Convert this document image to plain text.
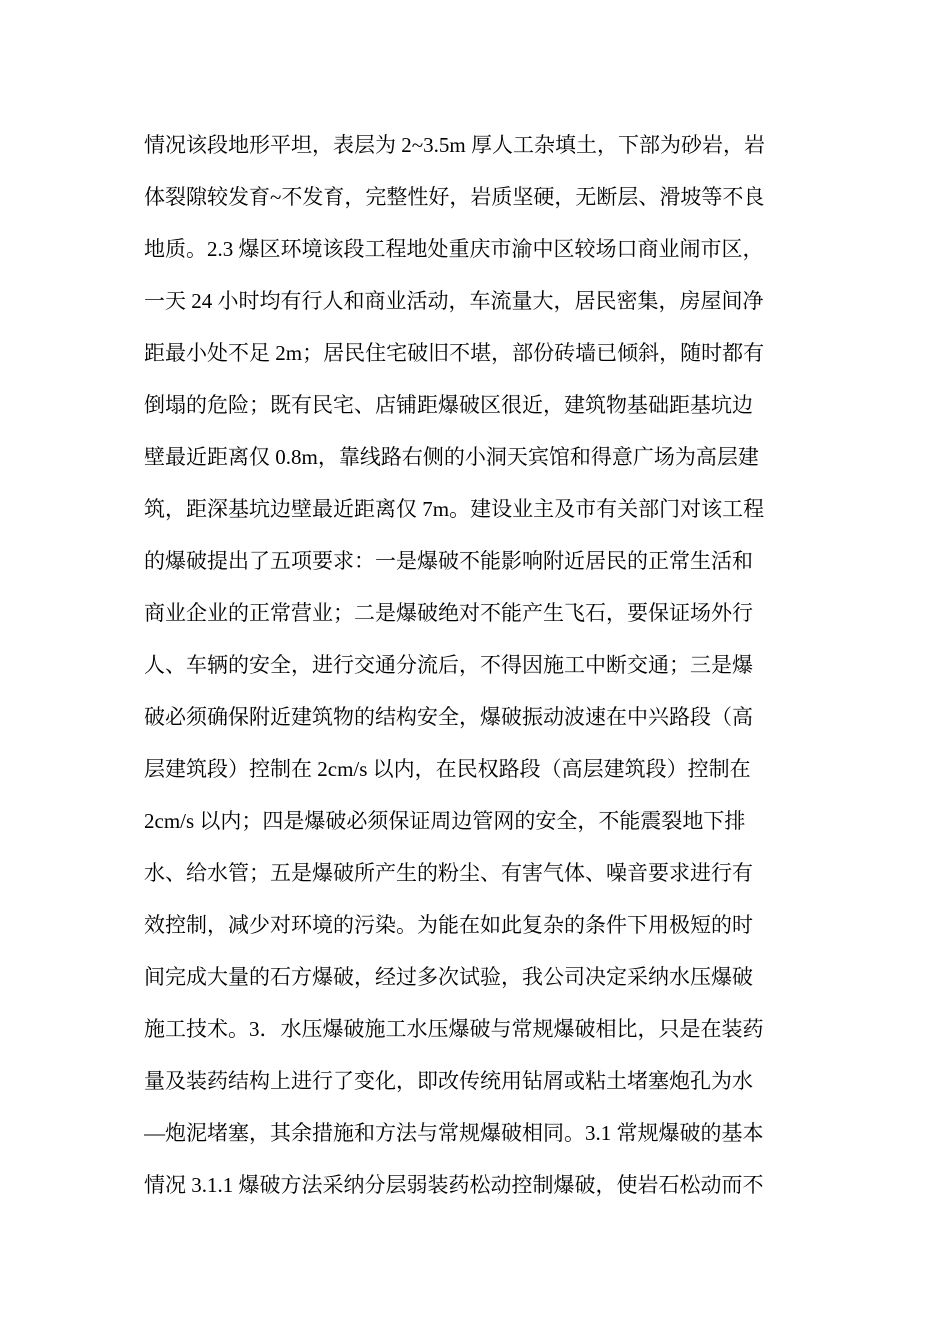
情况该段地形平坦，表层为 2~3.5m 厚人工杂填土，下部为砂岩，岩
体裂隙较发育~不发育，完整性好，岩质坚硬，无断层、滑坡等不良
地质。2.3 爆区环境该段工程地处重庆市渝中区较场口商业闹市区，
一天 24 小时均有行人和商业活动，车流量大，居民密集，房屋间净
距最小处不足 2m；居民住宅破旧不堪，部份砖墙已倾斜，随时都有
倒塌的危险；既有民宅、店铺距爆破区很近，建筑物基础距基坑边
壁最近距离仅 0.8m，靠线路右侧的小洞天宾馆和得意广场为高层建
筑，距深基坑边壁最近距离仅 7m。建设业主及市有关部门对该工程
的爆破提出了五项要求：一是爆破不能影响附近居民的正常生活和
商业企业的正常营业；二是爆破绝对不能产生飞石，要保证场外行
人、车辆的安全，进行交通分流后，不得因施工中断交通；三是爆
破必须确保附近建筑物的结构安全，爆破振动波速在中兴路段（高
层建筑段）控制在 2cm/s 以内，在民权路段（高层建筑段）控制在
2cm/s 以内；四是爆破必须保证周边管网的安全，不能震裂地下排
水、给水管；五是爆破所产生的粉尘、有害气体、噪音要求进行有
效控制，减少对环境的污染。为能在如此复杂的条件下用极短的时
间完成大量的石方爆破，经过多次试验，我公司决定采纳水压爆破
施工技术。3．水压爆破施工水压爆破与常规爆破相比，只是在装药
量及装药结构上进行了变化，即改传统用钻屑或粘土堵塞炮孔为水
—炮泥堵塞，其余措施和方法与常规爆破相同。3.1 常规爆破的基本
情况 3.1.1 爆破方法采纳分层弱装药松动控制爆破，使岩石松动而不
